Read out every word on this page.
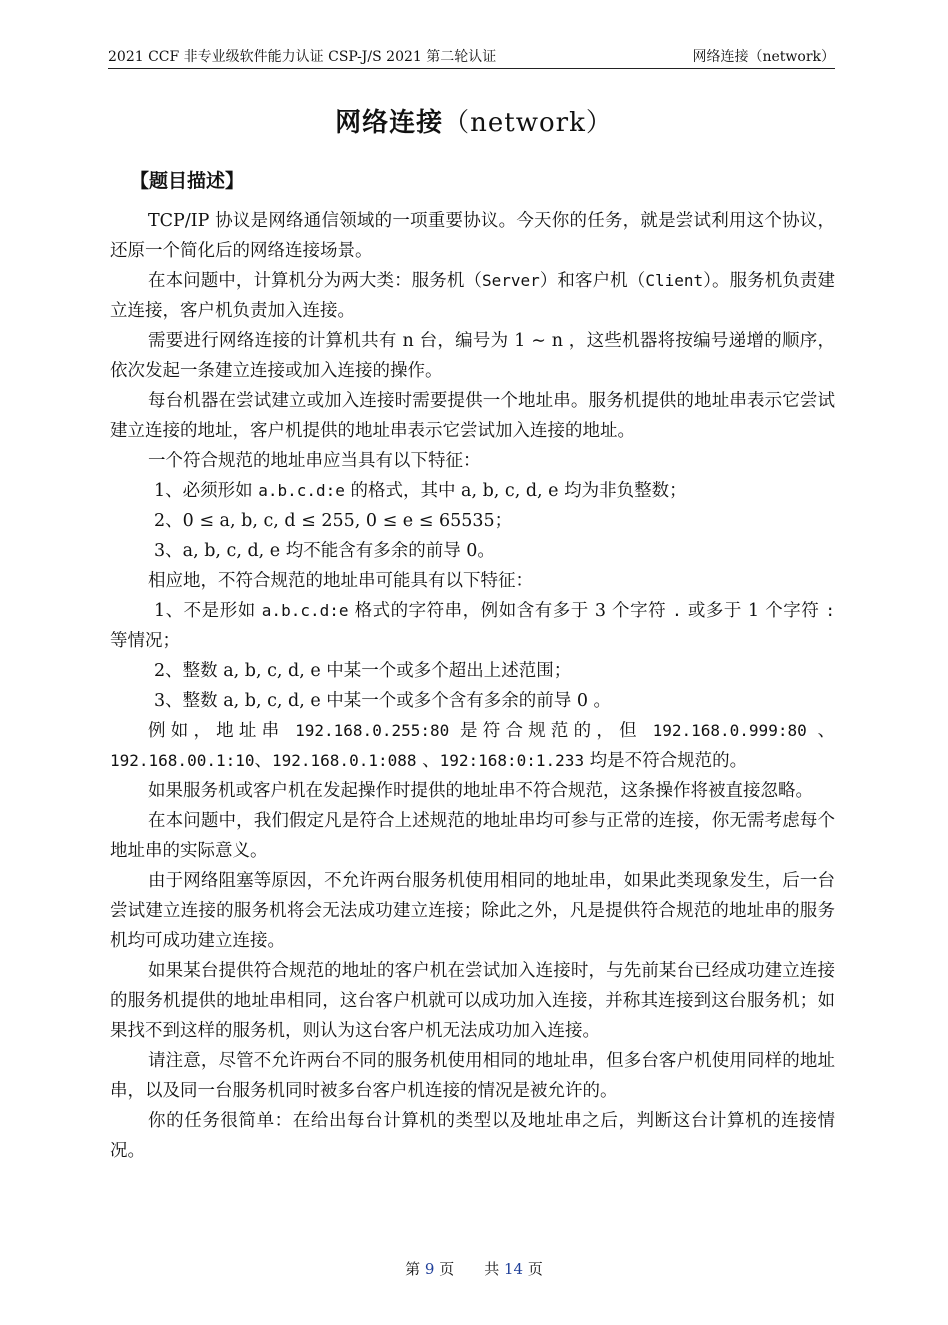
2021 CCF 非专业级软件能力认证 CSP-J/S 2021 第二轮认证	网络连接（network）
网络连接（network）
【题目描述】

TCP/IP 协议是网络通信领域的一项重要协议。今天你的任务，就是尝试利用这个协议，还原一个简化后的网络连接场景。

在本问题中，计算机分为两大类：服务机（Server）和客户机（Client）。服务机负责建立连接，客户机负责加入连接。

需要进行网络连接的计算机共有 n 台，编号为 1 ∼ n ，这些机器将按编号递增的顺序，依次发起一条建立连接或加入连接的操作。

每台机器在尝试建立或加入连接时需要提供一个地址串。服务机提供的地址串表示它尝试建立连接的地址，客户机提供的地址串表示它尝试加入连接的地址。

一个符合规范的地址串应当具有以下特征：

1、必须形如 a.b.c.d:e 的格式，其中 a, b, c, d, e 均为非负整数；

2、0 ≤ a, b, c, d ≤ 255, 0 ≤ e ≤ 65535；

3、a, b, c, d, e 均不能含有多余的前导 0。

相应地，不符合规范的地址串可能具有以下特征：

1、不是形如 a.b.c.d:e 格式的字符串，例如含有多于 3 个字符 . 或多于 1 个字符 : 等情况；

2、整数 a, b, c, d, e 中某一个或多个超出上述范围；

3、整数 a, b, c, d, e 中某一个或多个含有多余的前导 0 。

例如，地址串 192.168.0.255:80 是符合规范的，但 192.168.0.999:80 、192.168.00.1:10、192.168.0.1:088 、192:168:0:1.233 均是不符合规范的。

如果服务机或客户机在发起操作时提供的地址串不符合规范，这条操作将被直接忽略。

在本问题中，我们假定凡是符合上述规范的地址串均可参与正常的连接，你无需考虑每个地址串的实际意义。

由于网络阻塞等原因，不允许两台服务机使用相同的地址串，如果此类现象发生，后一台尝试建立连接的服务机将会无法成功建立连接；除此之外，凡是提供符合规范的地址串的服务机均可成功建立连接。

如果某台提供符合规范的地址的客户机在尝试加入连接时，与先前某台已经成功建立连接的服务机提供的地址串相同，这台客户机就可以成功加入连接，并称其连接到这台服务机；如果找不到这样的服务机，则认为这台客户机无法成功加入连接。

请注意，尽管不允许两台不同的服务机使用相同的地址串，但多台客户机使用同样的地址串，以及同一台服务机同时被多台客户机连接的情况是被允许的。

你的任务很简单：在给出每台计算机的类型以及地址串之后，判断这台计算机的连接情况。

第 9 页　　共 14 页
